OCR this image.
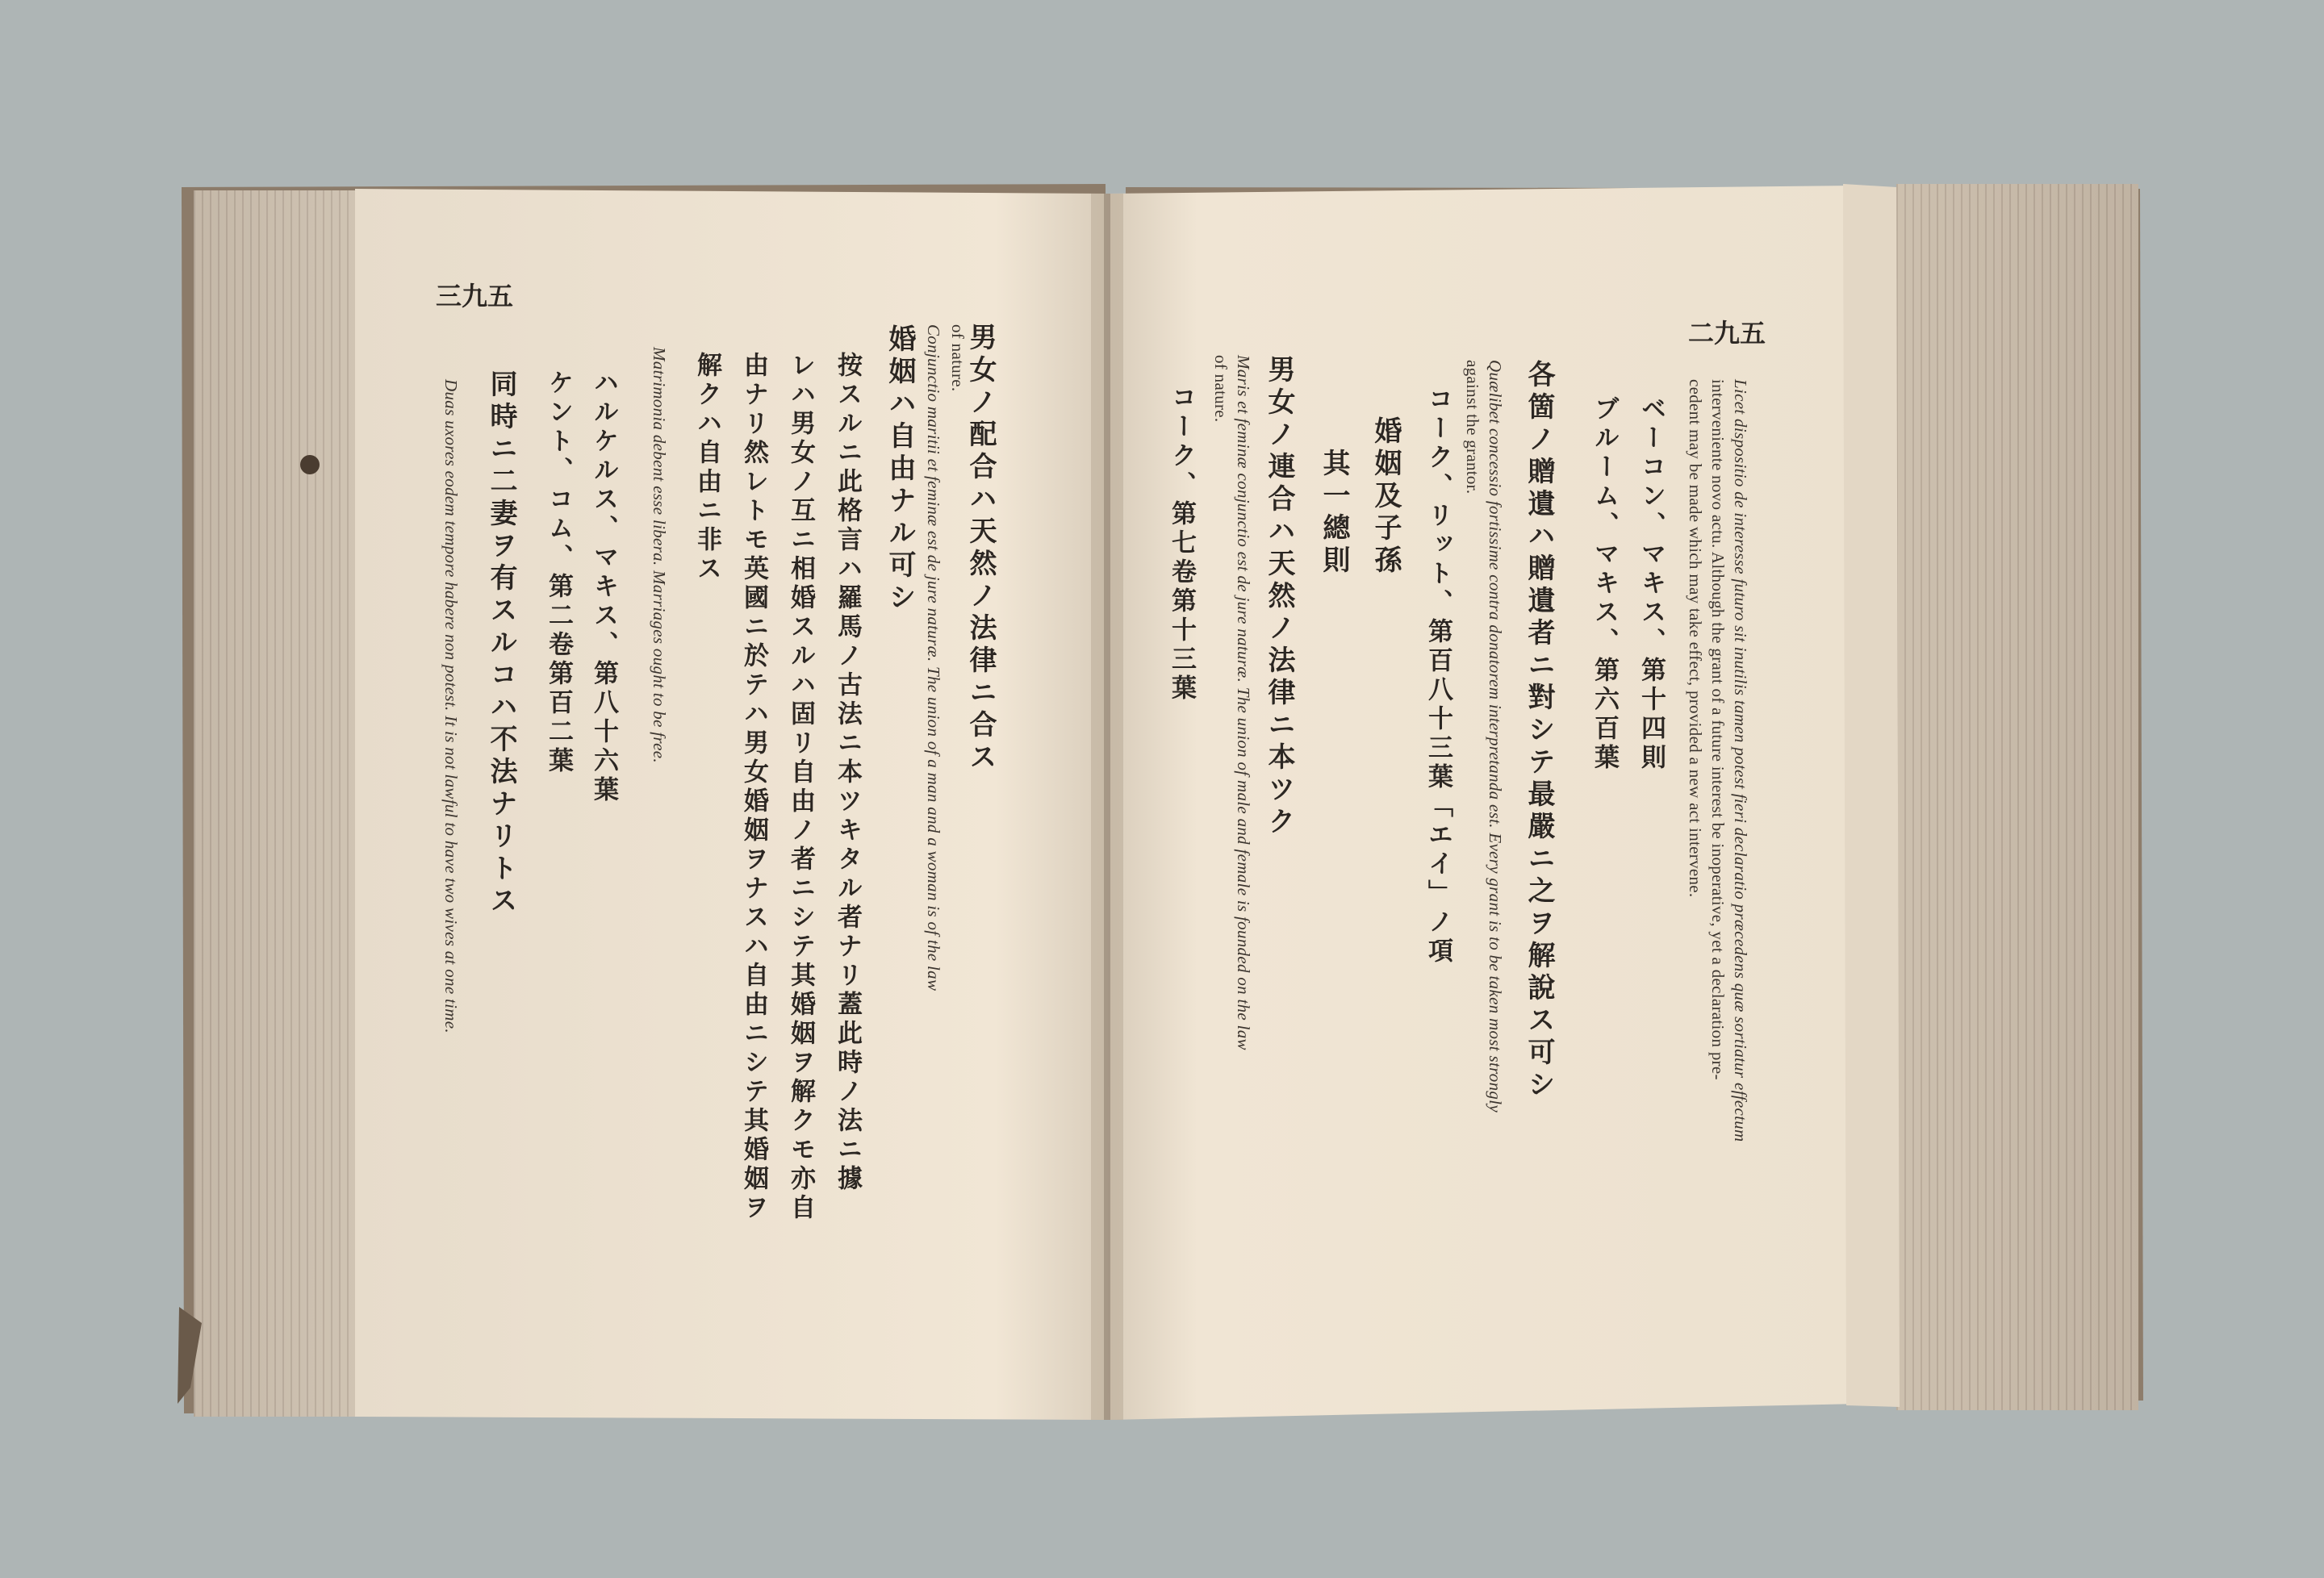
三九五
男女ノ配合ハ天然ノ法律ニ合ス
of nature.
Conjunctio maritii et feminæ est de jure naturæ. The union of a man and a woman is of the law
婚姻ハ自由ナル可シ
按スルニ此格言ハ羅馬ノ古法ニ本ツキタル者ナリ蓋此時ノ法ニ據
レハ男女ノ互ニ相婚スルハ固リ自由ノ者ニシテ其婚姻ヲ解クモ亦自
由ナリ然レトモ英國ニ於テハ男女婚姻ヲナスハ自由ニシテ其婚姻ヲ
解クハ自由ニ非ス
Matrimonia debent esse libera. Marriages ought to be free.
ハルケルス、マキス、第八十六葉
ケント、コム、第二卷第百二葉
同時ニ二妻ヲ有スルコハ不法ナリトス
Duas uxores eodem tempore habere non potest. It is not lawful to have two wives at one time.
二九五
Licet dispositio de interesse futuro sit inutilis tamen potest fieri declaratio præcedens quæ sortiatur effectum
interveniente novo actu. Although the grant of a future interest be inoperative, yet a declaration pre-
cedent may be made which may take effect, provided a new act intervene.
ベーコン、マキス、第十四則
ブルーム、マキス、第六百葉
各箇ノ贈遺ハ贈遺者ニ對シテ最嚴ニ之ヲ解說ス可シ
Quælibet concessio fortissime contra donatorem interpretanda est. Every grant is to be taken most strongly
against the grantor.
コーク、リット、第百八十三葉「エイ」ノ項
婚姻及子孫
其一總則
男女ノ連合ハ天然ノ法律ニ本ツク
Maris et feminæ conjunctio est de jure naturæ. The union of male and female is founded on the law
of nature.
コーク、第七卷第十三葉
